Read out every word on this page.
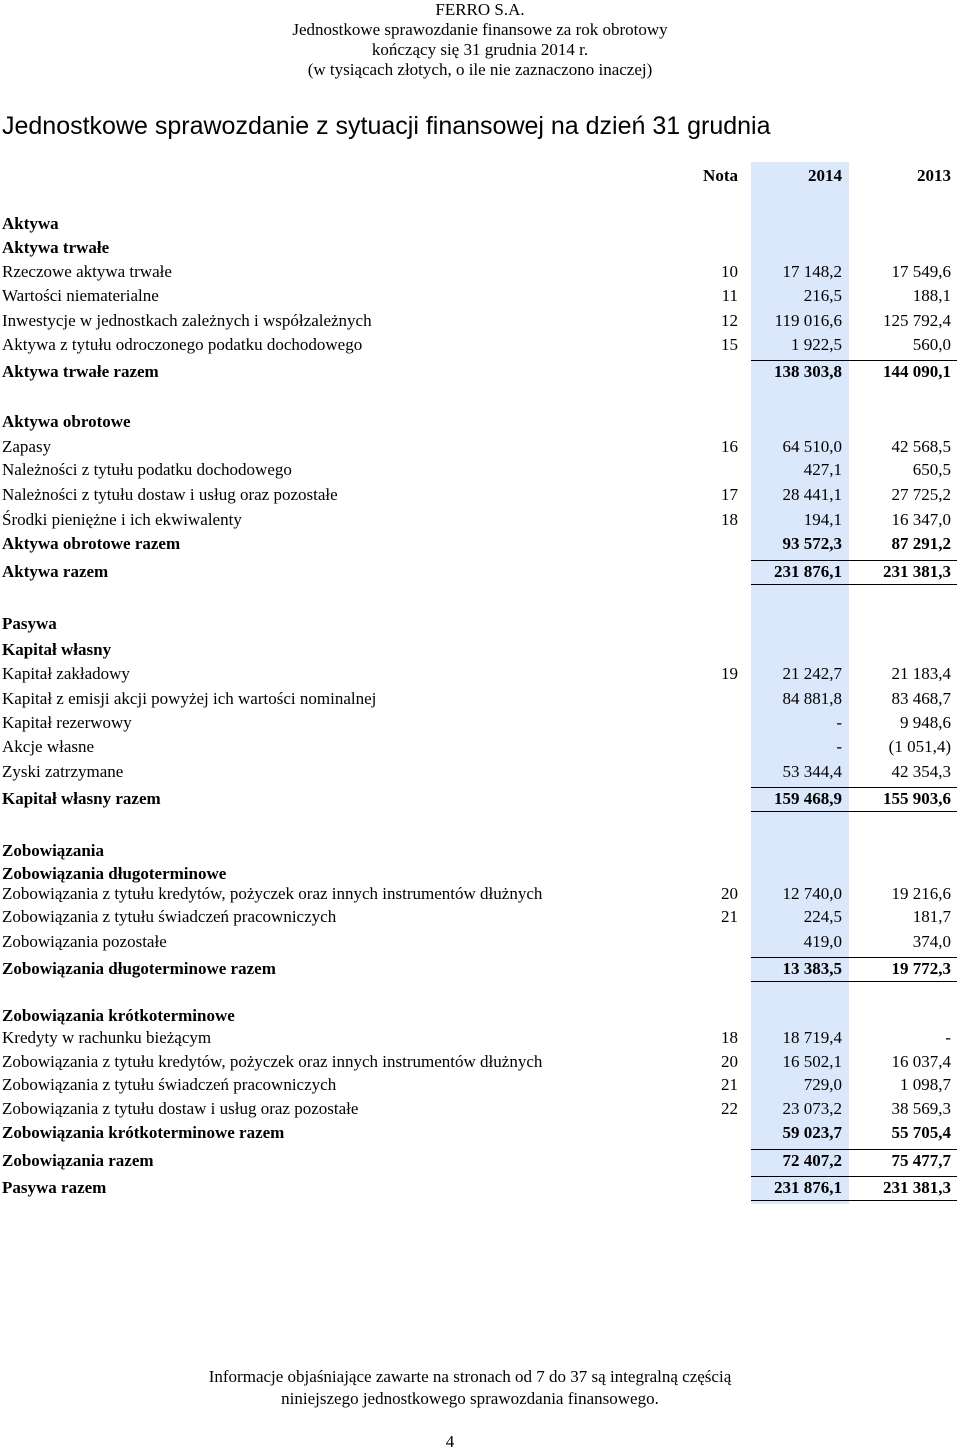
FERRO S.A.
Jednostkowe sprawozdanie finansowe za rok obrotowy
kończący się 31 grudnia 2014 r.
(w tysiącach złotych, o ile nie zaznaczono inaczej)
Jednostkowe sprawozdanie z sytuacji finansowej na dzień 31 grudnia
Nota	2014	2013
Aktywa
Aktywa trwałe
Rzeczowe aktywa trwałe	10	17 148,2	17 549,6
Wartości niematerialne	11	216,5	188,1
Inwestycje w jednostkach zależnych i współzależnych	12	119 016,6	125 792,4
Aktywa z tytułu odroczonego podatku dochodowego	15	1 922,5	560,0
Aktywa trwałe razem	138 303,8	144 090,1
Aktywa obrotowe
Zapasy	16	64 510,0	42 568,5
Należności z tytułu podatku dochodowego	427,1	650,5
Należności z tytułu dostaw i usług oraz pozostałe	17	28 441,1	27 725,2
Środki pieniężne i ich ekwiwalenty	18	194,1	16 347,0
Aktywa obrotowe razem	93 572,3	87 291,2
Aktywa razem	231 876,1	231 381,3
Pasywa
Kapitał własny
Kapitał zakładowy	19	21 242,7	21 183,4
Kapitał z emisji akcji powyżej ich wartości nominalnej	84 881,8	83 468,7
Kapitał rezerwowy	-	9 948,6
Akcje własne	-	(1 051,4)
Zyski zatrzymane	53 344,4	42 354,3
Kapitał własny razem	159 468,9	155 903,6
Zobowiązania
Zobowiązania długoterminowe
Zobowiązania z tytułu kredytów, pożyczek oraz innych instrumentów dłużnych	20	12 740,0	19 216,6
Zobowiązania z tytułu świadczeń pracowniczych	21	224,5	181,7
Zobowiązania pozostałe	419,0	374,0
Zobowiązania długoterminowe razem	13 383,5	19 772,3
Zobowiązania krótkoterminowe
Kredyty w rachunku bieżącym	18	18 719,4	-
Zobowiązania z tytułu kredytów, pożyczek oraz innych instrumentów dłużnych	20	16 502,1	16 037,4
Zobowiązania z tytułu świadczeń pracowniczych	21	729,0	1 098,7
Zobowiązania z tytułu dostaw i usług oraz pozostałe	22	23 073,2	38 569,3
Zobowiązania krótkoterminowe razem	59 023,7	55 705,4
Zobowiązania razem	72 407,2	75 477,7
Pasywa razem	231 876,1	231 381,3
Informacje objaśniające zawarte na stronach od 7 do 37 są integralną częścią
niniejszego jednostkowego sprawozdania finansowego.
4
